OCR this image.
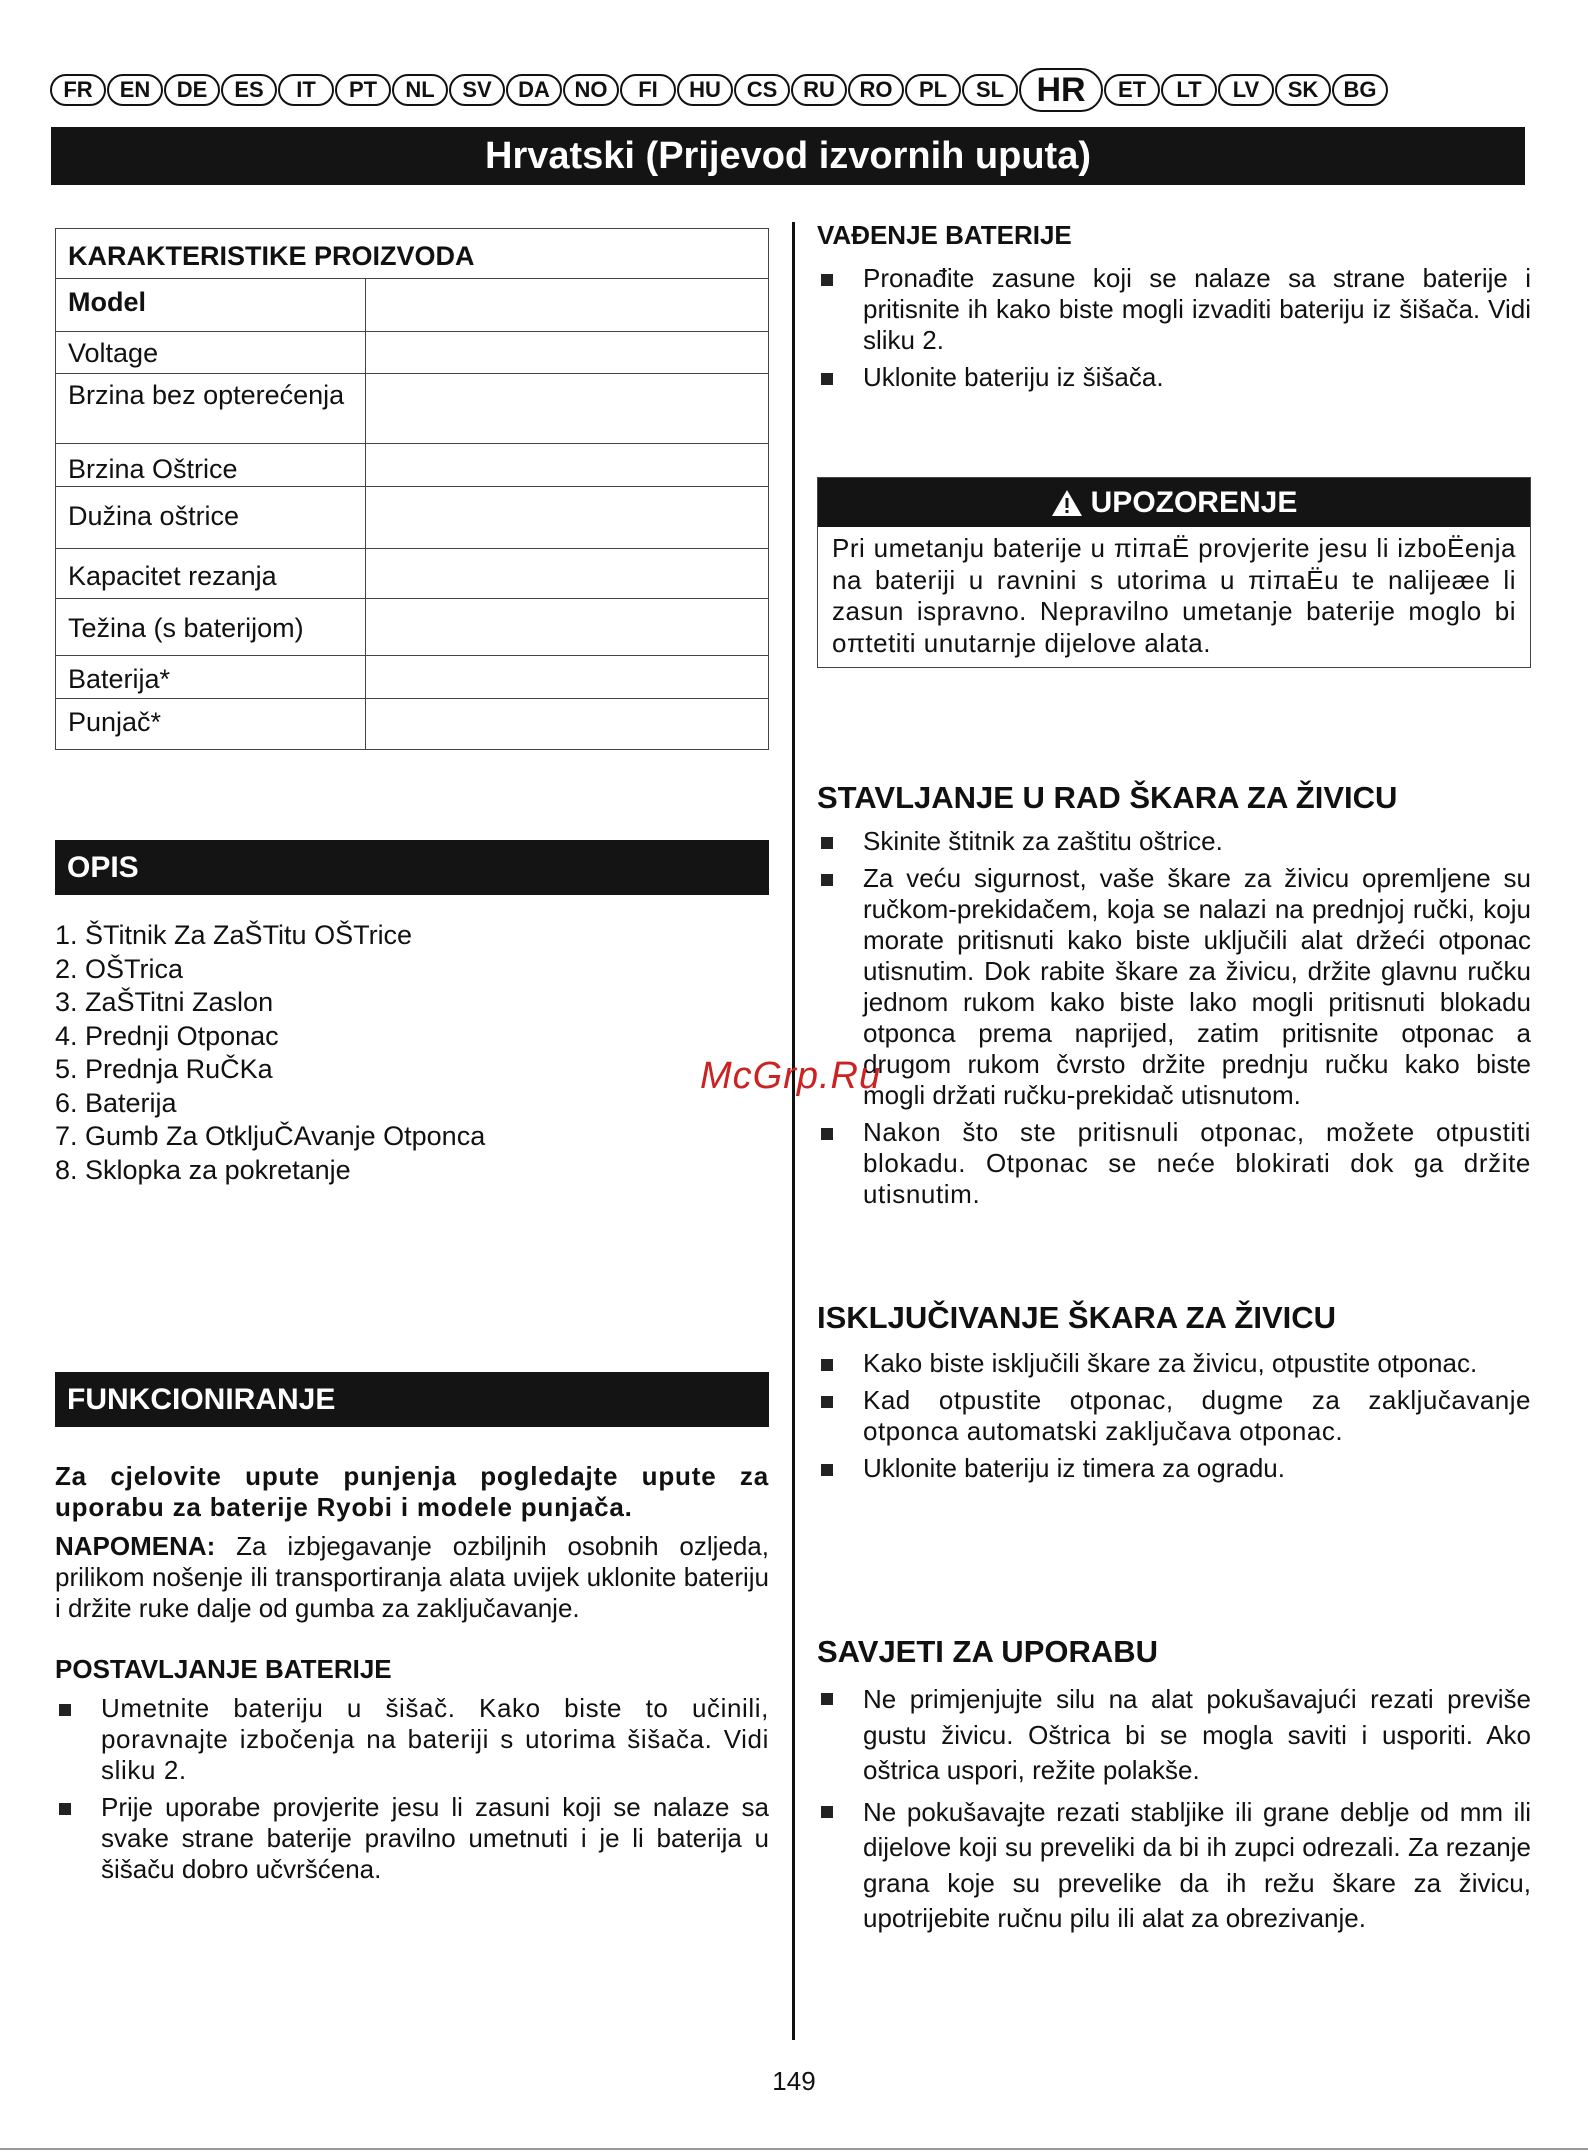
FR	EN	DE	ES	IT	PT	NL	SV	DA	NO	FI	HU	CS	RU	RO	PL	SL HR	ET	LT	LV	SK	BG
Hrvatski (Prijevod izvornih uputa)
KARAKTERISTIKE PROIZVODA	
Model	
Voltage	
Brzina bez opterećenja	
Brzina Oštrice	
Dužina oštrice	
Kapacitet rezanja	
Težina (s baterijom)	
Baterija*	
Punjač*	
OPIS
1. ŠTitnik Za ZaŠTitu OŠTrice
2. OŠTrica
3. ZaŠTitni Zaslon
4. Prednji Otponac
5. Prednja RuČKa
6. Baterija
7. Gumb Za OtkljuČAvanje Otponca
8. Sklopka za pokretanje
FUNKCIONIRANJE

Za cjelovite upute punjenja pogledajte upute za uporabu za baterije Ryobi i modele punjača.

NAPOMENA: Za izbjegavanje ozbiljnih osobnih ozljeda, prilikom nošenje ili transportiranja alata uvijek uklonite bateriju i držite ruke dalje od gumba za zaključavanje.

POSTAVLJANJE BATERIJE

Umetnite bateriju u šišač. Kako biste to učinili, poravnajte izbočenja na bateriji s utorima šišača. Vidi sliku 2.
Prije uporabe provjerite jesu li zasuni koji se nalaze sa svake strane baterije pravilno umetnuti i je li baterija u šišaču dobro učvršćena.

VAĐENJE BATERIJE

Pronađite zasune koji se nalaze sa strane baterije i pritisnite ih kako biste mogli izvaditi bateriju iz šišača. Vidi sliku 2.
Uklonite bateriju iz šišača.
UPOZORENJE
Pri umetanju baterije u πiπaË provjerite jesu li izboËenja na bateriji u ravnini s utorima u πiπaËu te nalijeæe li zasun ispravno. Nepravilno umetanje baterije moglo bi oπtetiti unutarnje dijelove alata.

STAVLJANJE U RAD ŠKARA ZA ŽIVICU

Skinite štitnik za zaštitu oštrice.
Za veću sigurnost, vaše škare za živicu opremljene su ručkom-prekidačem, koja se nalazi na prednjoj ručki, koju morate pritisnuti kako biste uključili alat držeći otponac utisnutim. Dok rabite škare za živicu, držite glavnu ručku jednom rukom kako biste lako mogli pritisnuti blokadu otponca prema naprijed, zatim pritisnite otponac a drugom rukom čvrsto držite prednju ručku kako biste mogli držati ručku-prekidač utisnutom.
Nakon što ste pritisnuli otponac, možete otpustiti blokadu. Otponac se neće blokirati dok ga držite utisnutim.

ISKLJUČIVANJE ŠKARA ZA ŽIVICU

Kako biste isključili škare za živicu, otpustite otponac.
Kad otpustite otponac, dugme za zaključavanje otponca automatski zaključava otponac.
Uklonite bateriju iz timera za ogradu.

SAVJETI ZA UPORABU

Ne primjenjujte silu na alat pokušavajući rezati previše gustu živicu. Oštrica bi se mogla saviti i usporiti. Ako oštrica uspori, režite polakše.
Ne pokušavajte rezati stabljike ili grane deblje od mm ili dijelove koji su preveliki da bi ih zupci odrezali. Za rezanje grana koje su prevelike da ih režu škare za živicu, upotrijebite ručnu pilu ili alat za obrezivanje.
McGrp.Ru
149
